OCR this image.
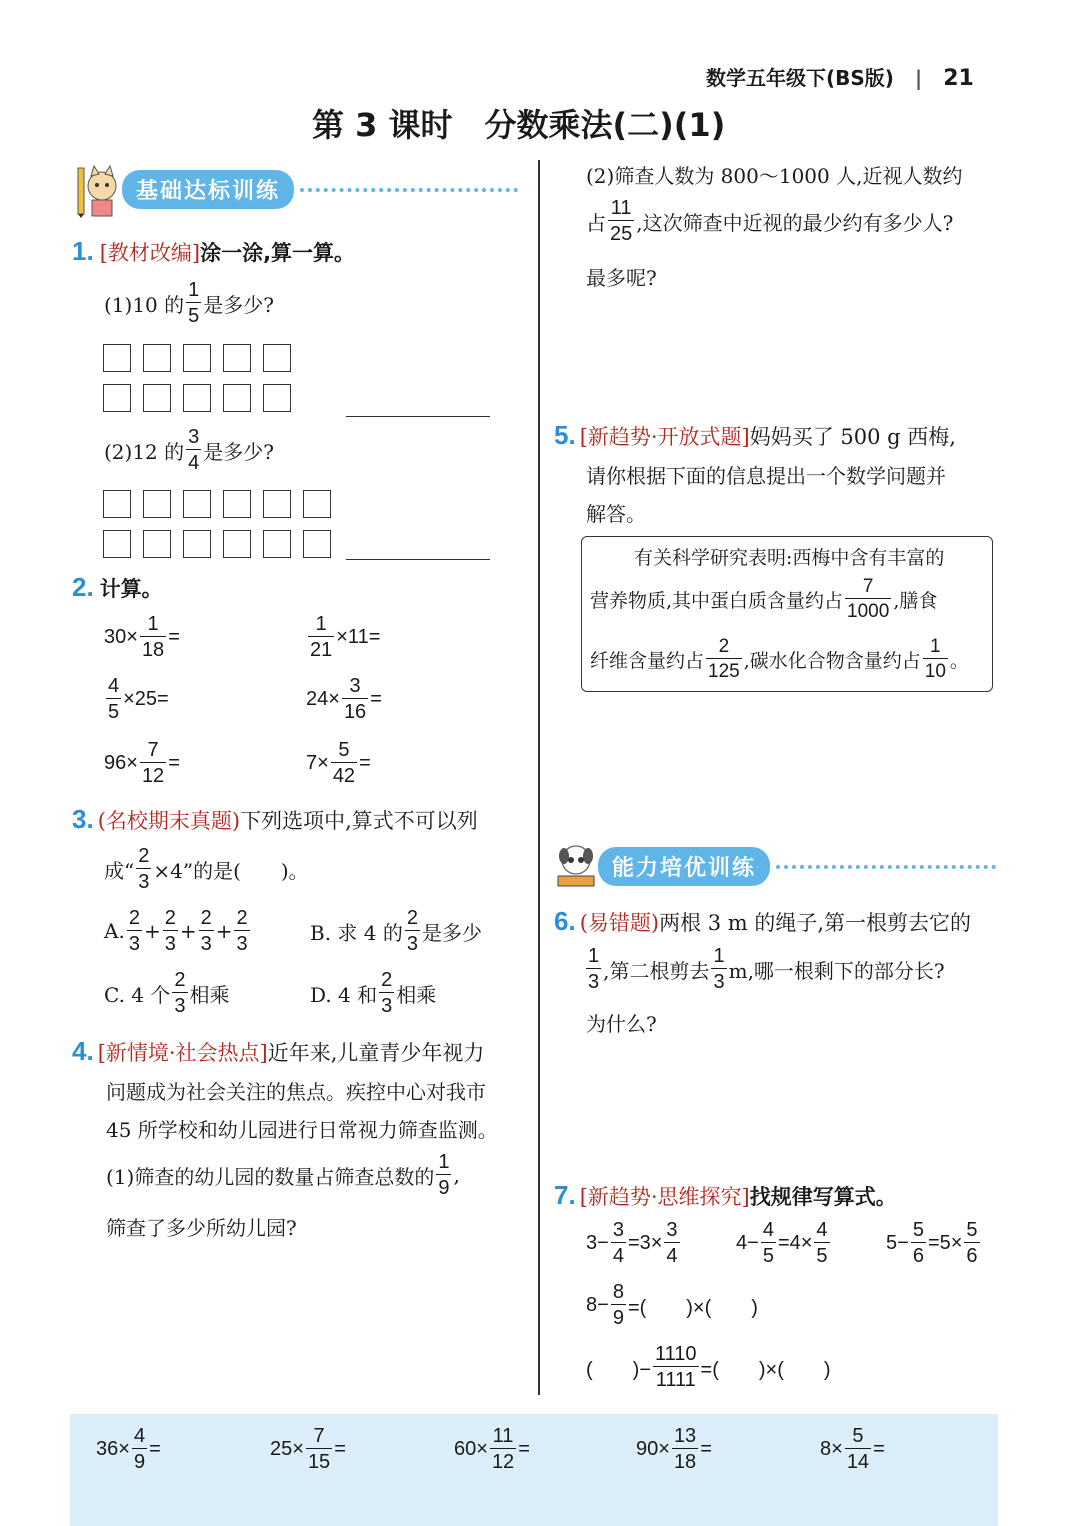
数学五年级下(BS版) | 21
第 3 课时　分数乘法(二)(1)
基础达标训练
1. [教材改编] 涂一涂,算一算。
(1)10 的
1
5 是多少?
(2)12 的
3
4 是多少?
2. 计算。
$30\times \frac{1}{18}$ =	$\frac{1}{21} \times 11=$
$\frac{4}{5} \times 25=$	$24\times \frac{3}{16}$ =
$96\times \frac{7}{12}$ =	$7\times \frac{5}{42}$ =
3. (名校期末真题) 下列选项中,算式不可以列
成“ $\frac{2}{3} \times 4$”的是(　　)。
A.
2
3
+ $\frac{2}{3} + \frac{2}{3} + \frac{2}{3}$	B. 求 4 的
2
3 是多少
C. 4 个
2
3 相乘	D. 4 和
2
3 相乘
4. [新情境·社会热点] 近年来,儿童青少年视力
问题成为社会关注的焦点。疾控中心对我市
45 所学校和幼儿园进行日常视力筛查监测。
(1)筛查的幼儿园的数量占筛查总数的
1
9
,
筛查了多少所幼儿园?
(2)筛查人数为 800～1000 人,近视人数约
占
11
25 ,这次筛查中近视的最少约有多少人?
最多呢?
5. [新趋势·开放式题] 妈妈买了 500 g 西梅,
请你根据下面的信息提出一个数学问题并
解答。
有关科学研究表明:西梅中含有丰富的
营养物质,其中蛋白质含量约占
7
1000 ,膳食
纤维含量约占
2
125 ,碳水化合物含量约占
1
10 。
能力培优训练
6. (易错题) 两根 3 m 的绳子,第一根剪去它的
1
3 ,第二根剪去
1
3 m,哪一根剩下的部分长?
为什么?
7. [新趋势·思维探究] 找规律写算式。
$3- \frac{3}{4} =3\times \frac{3}{4}$	$4- \frac{4}{5} =4\times \frac{4}{5}$	$5- \frac{5}{6} =5\times \frac{5}{6}$
$8- \frac{8}{9}$ =(　　)×(　　)
(　　)− $\frac{1110}{1111}$ =(　　)×(　　)
$36\times \frac{4}{9}$ =	$25\times \frac{7}{15}$ =	$60\times \frac{11}{12}$ =	$90\times \frac{13}{18}$ =	$8\times \frac{5}{14}$ =
